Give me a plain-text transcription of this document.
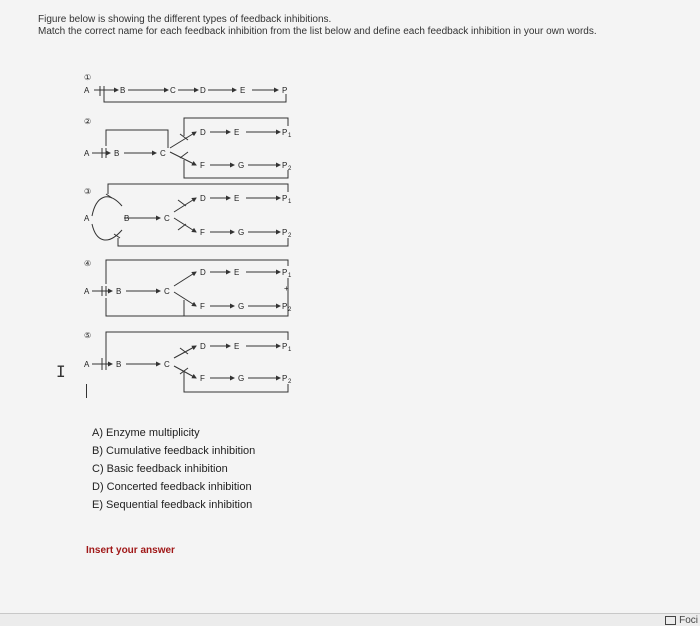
Figure below is showing the different types of feedback inhibitions.

Match the correct name for each feedback inhibition from the list below and define each feedback inhibition in your own words.

①
②
③
④
⑤
A	B	C	D	E	P
A	B	C
D	E	P 1
F	G	P 2
A	B	C
D	E	P 1
F	G	P 2
A	B	C
D	E	P 1
+
F	G	P 2
A	B	C
D	E	P 1
F	G	P 2
I
A) Enzyme multiplicity
B) Cumulative feedback inhibition
C) Basic feedback inhibition
D) Concerted feedback inhibition
E) Sequential feedback inhibition
Insert your answer
Foci
